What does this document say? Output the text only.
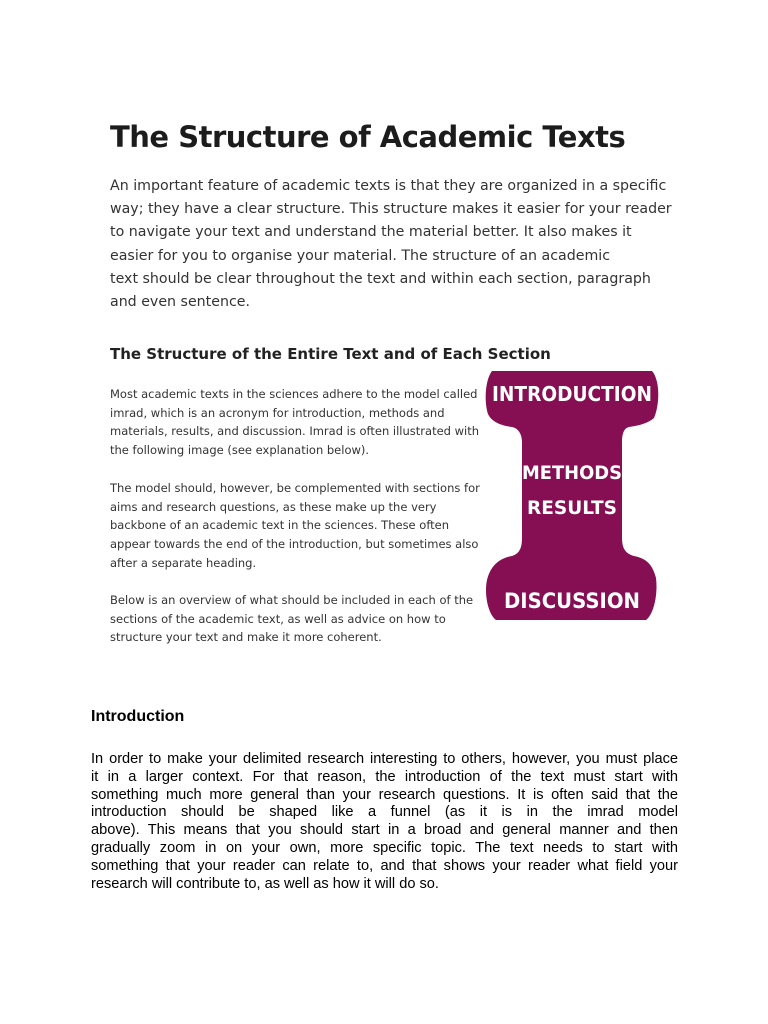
The Structure of Academic Texts

An important feature of academic texts is that they are organized in a specific
way; they have a clear structure. This structure makes it easier for your reader
to navigate your text and understand the material better. It also makes it
easier for you to organise your material. The structure of an academic
text should be clear throughout the text and within each section, paragraph
and even sentence.

The Structure of the Entire Text and of Each Section

Most academic texts in the sciences adhere to the model called
imrad, which is an acronym for introduction, methods and
materials, results, and discussion. Imrad is often illustrated with
the following image (see explanation below).

The model should, however, be complemented with sections for
aims and research questions, as these make up the very
backbone of an academic text in the sciences. These often
appear towards the end of the introduction, but sometimes also
after a separate heading.

Below is an overview of what should be included in each of the
sections of the academic text, as well as advice on how to
structure your text and make it more coherent.

INTRODUCTION
METHODS
RESULTS
DISCUSSION
Introduction

In order to make your delimited research interesting to others, however, you must place
it in a larger context. For that reason, the introduction of the text must start with
something much more general than your research questions. It is often said that the
introduction should be shaped like a funnel (as it is in the imrad model
above). This means that you should start in a broad and general manner and then
gradually zoom in on your own, more specific topic. The text needs to start with
something that your reader can relate to, and that shows your reader what field your
research will contribute to, as well as how it will do so.
